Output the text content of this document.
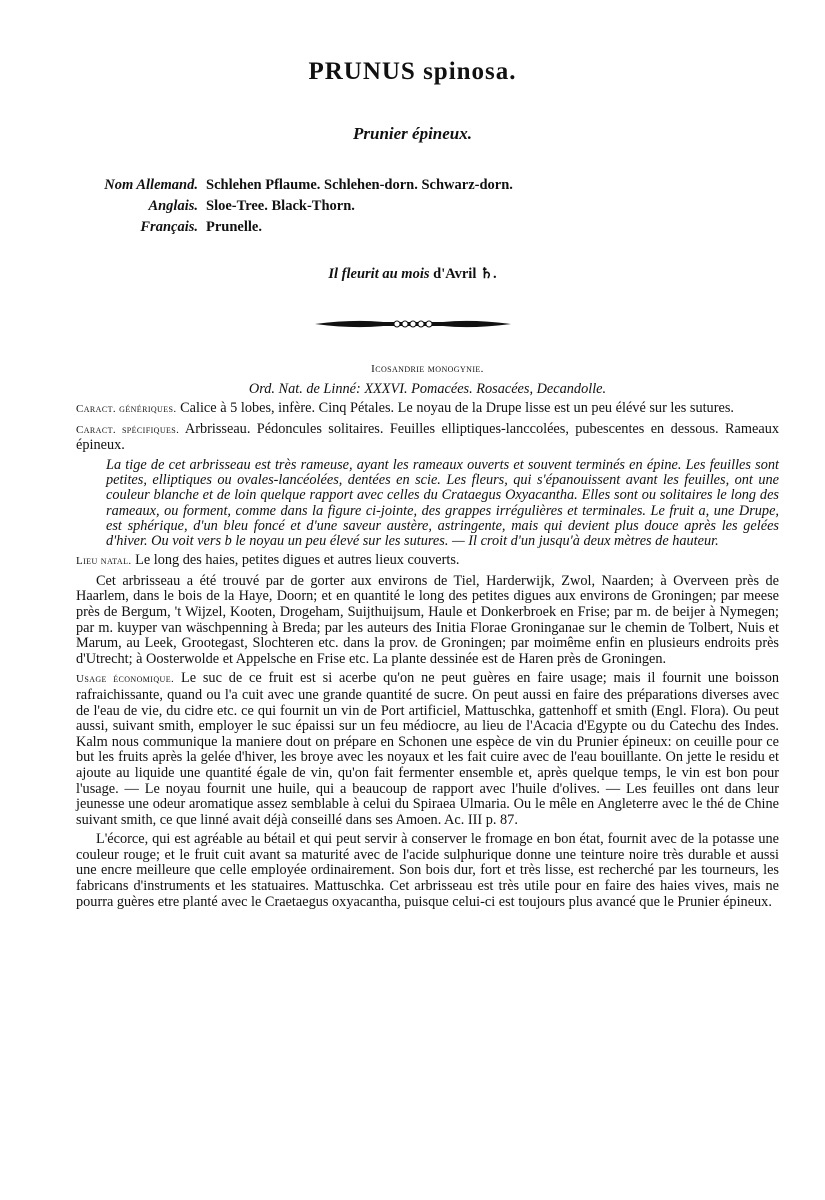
PRUNUS spinosa.
Prunier épineux.
Nom Allemand. Schlehen Pflaume. Schlehen-dorn. Schwarz-dorn.
Anglais. Sloe-Tree. Black-Thorn.
Français. Prunelle.
Il fleurit au mois d'Avril ♄.
Icosandrie monogynie.
Ord. Nat. de Linné: XXXVI. Pomacées. Rosacées, Decandolle.

Caract. génériques. Calice à 5 lobes, infère. Cinq Pétales. Le noyau de la Drupe lisse est un peu élévé sur les sutures.

Caract. spécifiques. Arbrisseau. Pédoncules solitaires. Feuilles elliptiques-lanccolées, pubescentes en dessous. Rameaux épineux.

La tige de cet arbrisseau est très rameuse, ayant les rameaux ouverts et souvent terminés en épine. Les feuilles sont petites, elliptiques ou ovales-lancéolées, dentées en scie. Les fleurs, qui s'épanouissent avant les feuilles, ont une couleur blanche et de loin quelque rapport avec celles du Crataegus Oxyacantha. Elles sont ou solitaires le long des rameaux, ou forment, comme dans la figure ci-jointe, des grappes irrégulières et terminales. Le fruit a, une Drupe, est sphérique, d'un bleu foncé et d'une saveur austère, astringente, mais qui devient plus douce après les gelées d'hiver. Ou voit vers b le noyau un peu élevé sur les sutures. — Il croit d'un jusqu'à deux mètres de hauteur.

Lieu natal. Le long des haies, petites digues et autres lieux couverts.

Cet arbrisseau a été trouvé par de gorter aux environs de Tiel, Harderwijk, Zwol, Naarden; à Overveen près de Haarlem, dans le bois de la Haye, Doorn; et en quantité le long des petites digues aux environs de Groningen; par meese près de Bergum, 't Wijzel, Kooten, Drogeham, Suijthuijsum, Haule et Donkerbroek en Frise; par m. de beijer à Nymegen; par m. kuyper van wäschpenning à Breda; par les auteurs des Initia Florae Groninganae sur le chemin de Tolbert, Nuis et Marum, au Leek, Grootegast, Slochteren etc. dans la prov. de Groningen; par moimême enfin en plusieurs endroits près d'Utrecht; à Oosterwolde et Appelsche en Frise etc. La plante dessinée est de Haren près de Groningen.

Usage économique. Le suc de ce fruit est si acerbe qu'on ne peut guères en faire usage; mais il fournit une boisson rafraichissante, quand ou l'a cuit avec une grande quantité de sucre. On peut aussi en faire des préparations diverses avec de l'eau de vie, du cidre etc. ce qui fournit un vin de Port artificiel, Mattuschka, gattenhoff et smith (Engl. Flora). Ou peut aussi, suivant smith, employer le suc épaissi sur un feu médiocre, au lieu de l'Acacia d'Egypte ou du Catechu des Indes. Kalm nous communique la maniere dout on prépare en Schonen une espèce de vin du Prunier épineux: on ceuille pour ce but les fruits après la gelée d'hiver, les broye avec les noyaux et les fait cuire avec de l'eau bouillante. On jette le residu et ajoute au liquide une quantité égale de vin, qu'on fait fermenter ensemble et, après quelque temps, le vin est bon pour l'usage. — Le noyau fournit une huile, qui a beaucoup de rapport avec l'huile d'olives. — Les feuilles ont dans leur jeunesse une odeur aromatique assez semblable à celui du Spiraea Ulmaria. Ou le mêle en Angleterre avec le thé de Chine suivant smith, ce que linné avait déjà conseillé dans ses Amoen. Ac. III p. 87.

L'écorce, qui est agréable au bétail et qui peut servir à conserver le fromage en bon état, fournit avec de la potasse une couleur rouge; et le fruit cuit avant sa maturité avec de l'acide sulphurique donne une teinture noire très durable et aussi une encre meilleure que celle employée ordinairement. Son bois dur, fort et très lisse, est recherché par les tourneurs, les fabricans d'instruments et les statuaires. Mattuschka. Cet arbrisseau est très utile pour en faire des haies vives, mais ne pourra guères etre planté avec le Craetaegus oxyacantha, puisque celui-ci est toujours plus avancé que le Prunier épineux.
